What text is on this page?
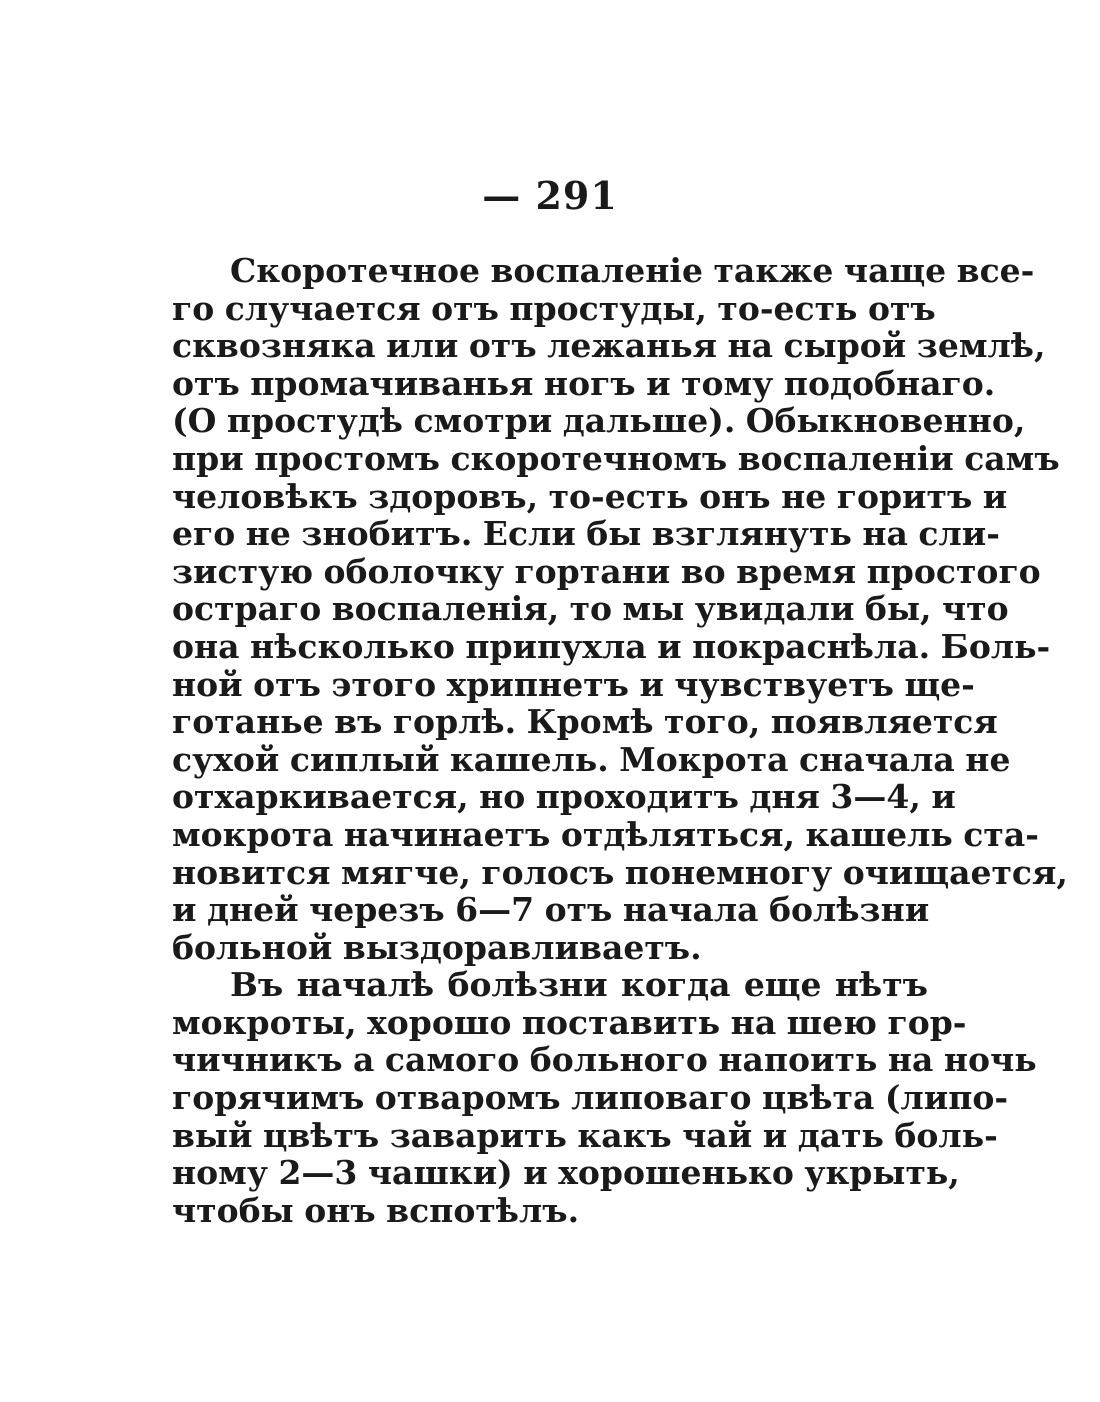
— 291
Скоротечное воспаленіе также чаще все-
го случается отъ простуды, то-есть отъ
сквозняка или отъ лежанья на сырой землѣ,
отъ промачиванья ногъ и тому подобнаго.
(О простудѣ смотри дальше). Обыкновенно,
при простомъ скоротечномъ воспаленіи самъ
человѣкъ здоровъ, то-есть онъ не горитъ и
его не знобитъ. Если бы взглянуть на сли-
зистую оболочку гортани во время простого
остраго воспаленія, то мы увидали бы, что
она нѣсколько припухла и покраснѣла. Боль-
ной отъ этого хрипнетъ и чувствуетъ ще-
готанье въ горлѣ. Кромѣ того, появляется
сухой сиплый кашель. Мокрота сначала не
отхаркивается, но проходитъ дня 3—4, и
мокрота начинаетъ отдѣляться, кашель ста-
новится мягче, голосъ понемногу очищается,
и дней черезъ 6—7 отъ начала болѣзни
больной выздоравливаетъ.
Въ началѣ болѣзни когда еще нѣтъ
мокроты, хорошо поставить на шею гор-
чичникъ а самого больного напоить на ночь
горячимъ отваромъ липоваго цвѣта (липо-
вый цвѣтъ заварить какъ чай и дать боль-
ному 2—3 чашки) и хорошенько укрыть,
чтобы онъ вспотѣлъ.
